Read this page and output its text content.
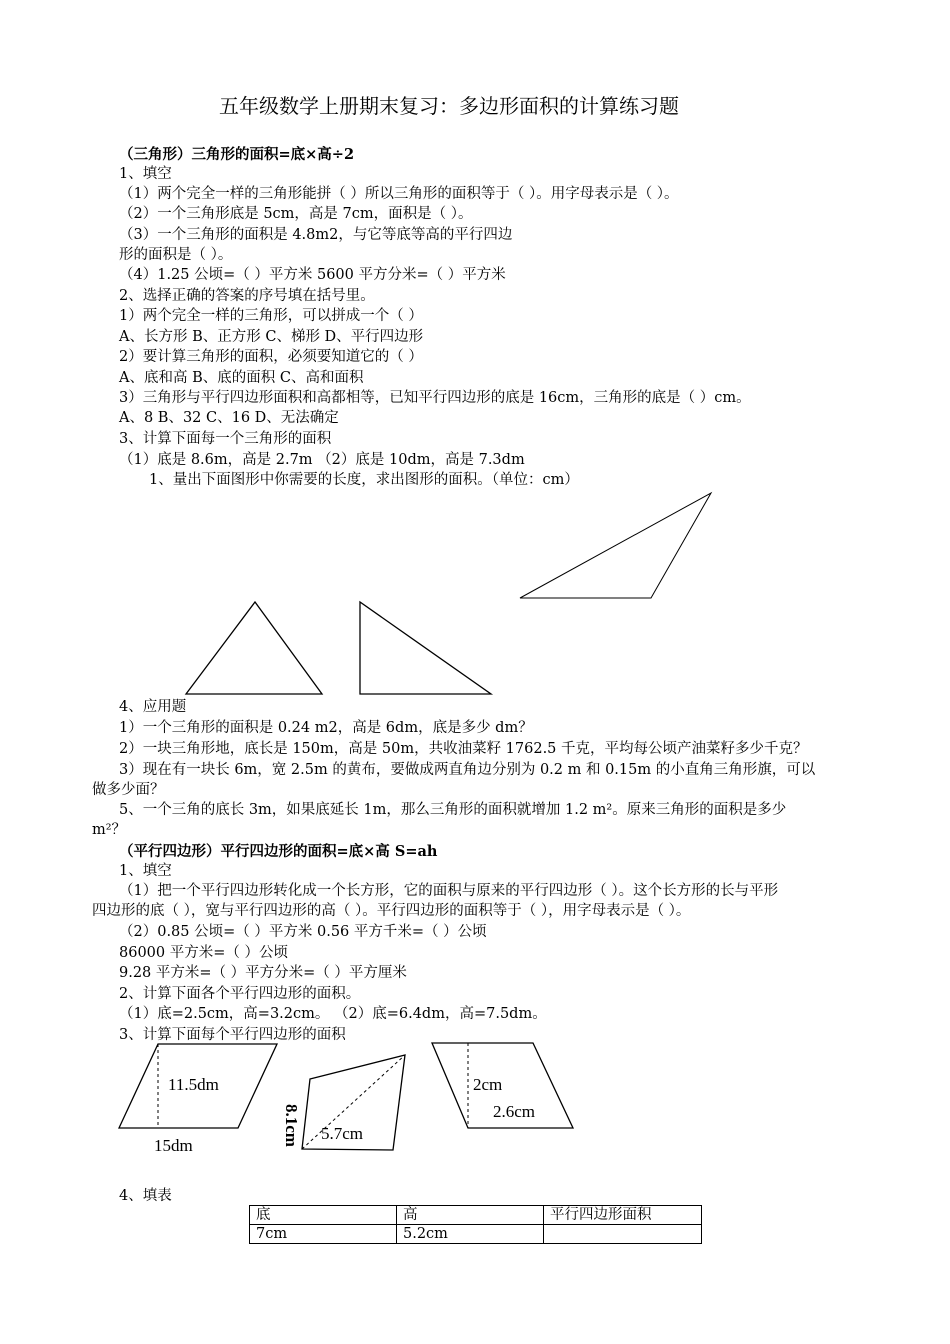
五年级数学上册期末复习：多边形面积的计算练习题
（三角形）三角形的面积=底×高÷2
1、填空
（1）两个完全一样的三角形能拼（ ）所以三角形的面积等于（ ）。用字母表示是（ ）。
（2）一个三角形底是 5cm，高是 7cm，面积是（ ）。
（3）一个三角形的面积是 4.8m2，与它等底等高的平行四边
形的面积是（ ）。
（4）1.25 公顷=（ ）平方米 5600 平方分米=（ ）平方米
2、选择正确的答案的序号填在括号里。
1）两个完全一样的三角形，可以拼成一个（ ）
A、长方形 B、正方形 C、梯形 D、平行四边形
2）要计算三角形的面积，必须要知道它的（ ）
A、底和高 B、底的面积 C、高和面积
3）三角形与平行四边形面积和高都相等，已知平行四边形的底是 16cm，三角形的底是（ ）cm。
A、8 B、32 C、16 D、无法确定
3、计算下面每一个三角形的面积
（1）底是 8.6m，高是 2.7m （2）底是 10dm，高是 7.3dm
1、量出下面图形中你需要的长度，求出图形的面积。（单位：cm）
4、应用题
1）一个三角形的面积是 0.24 m2，高是 6dm，底是多少 dm？
2）一块三角形地，底长是 150m，高是 50m，共收油菜籽 1762.5 千克，平均每公顷产油菜籽多少千克？
3）现在有一块长 6m，宽 2.5m 的黄布，要做成两直角边分别为 0.2 m 和 0.15m 的小直角三角形旗，可以
做多少面？
5、一个三角的底长 3m，如果底延长 1m，那么三角形的面积就增加 1.2 m²。原来三角形的面积是多少
m²？
（平行四边形）平行四边形的面积=底×高 S=ah
1、填空
（1）把一个平行四边形转化成一个长方形，它的面积与原来的平行四边形（ ）。这个长方形的长与平形
四边形的底（ ），宽与平行四边形的高（ ）。平行四边形的面积等于（ ），用字母表示是（ ）。
（2）0.85 公顷=（ ）平方米 0.56 平方千米=（ ）公顷
86000 平方米=（ ）公顷
9.28 平方米=（ ）平方分米=（ ）平方厘米
2、计算下面各个平行四边形的面积。
（1）底=2.5cm，高=3.2cm。 （2）底=6.4dm，高=7.5dm。
3、计算下面每个平行四边形的面积
11.5dm
15dm	8.1cm 5.7cm
2cm
2.6cm
4、填表
底	高	平行四边形面积
7cm	5.2cm	
